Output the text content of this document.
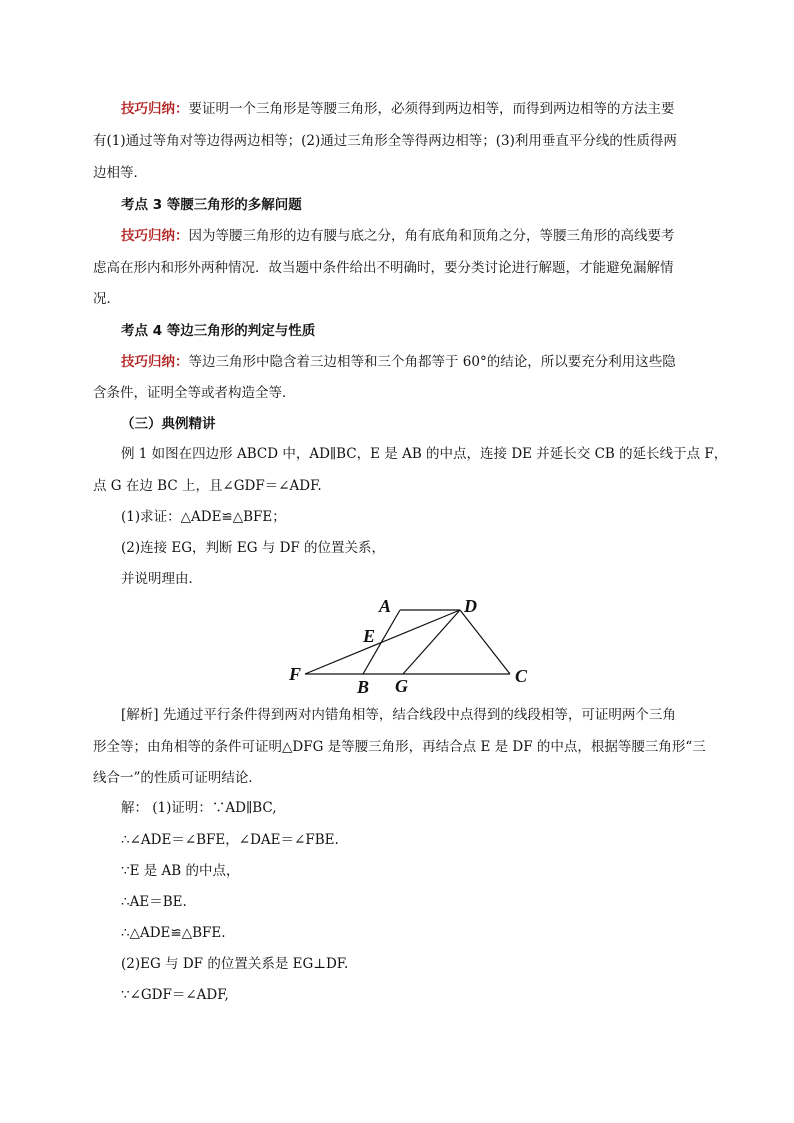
技巧归纳：要证明一个三角形是等腰三角形，必须得到两边相等，而得到两边相等的方法主要
有(1)通过等角对等边得两边相等；(2)通过三角形全等得两边相等；(3)利用垂直平分线的性质得两
边相等．
考点 3 等腰三角形的多解问题
技巧归纳：因为等腰三角形的边有腰与底之分，角有底角和顶角之分，等腰三角形的高线要考
虑高在形内和形外两种情况．故当题中条件给出不明确时，要分类讨论进行解题，才能避免漏解情
况．
考点 4 等边三角形的判定与性质
技巧归纳：等边三角形中隐含着三边相等和三个角都等于 60°的结论，所以要充分利用这些隐
含条件，证明全等或者构造全等．
（三）典例精讲
例 1 如图在四边形 ABCD 中，AD∥BC，E 是 AB 的中点，连接 DE 并延长交 CB 的延长线于点 F，
点 G 在边 BC 上，且∠GDF＝∠ADF.
(1)求证：△ADE≌△BFE；
(2)连接 EG，判断 EG 与 DF 的位置关系，
并说明理由．
A	D
E
F
B G	C
[解析] 先通过平行条件得到两对内错角相等，结合线段中点得到的线段相等，可证明两个三角
形全等；由角相等的条件可证明△DFG 是等腰三角形，再结合点 E 是 DF 的中点，根据等腰三角形“三
线合一”的性质可证明结论．
解： (1)证明：∵AD∥BC,
∴∠ADE＝∠BFE，∠DAE＝∠FBE.
∵E 是 AB 的中点，
∴AE＝BE.
∴△ADE≌△BFE.
(2)EG 与 DF 的位置关系是 EG⊥DF.
∵∠GDF＝∠ADF,
